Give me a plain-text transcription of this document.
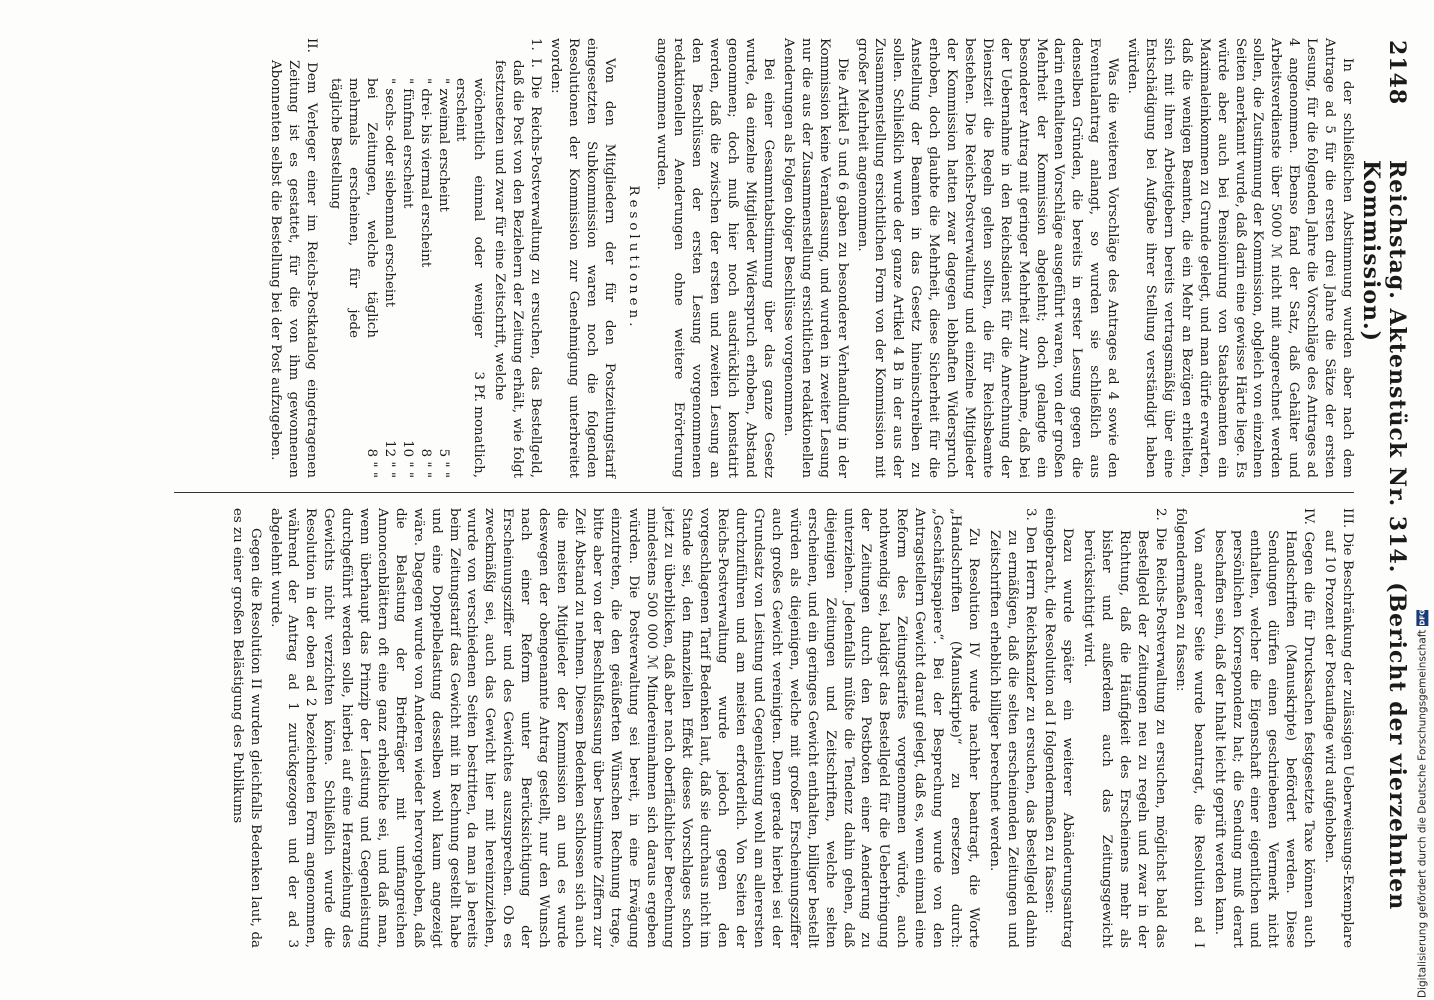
2148
Reichstag. Aktenstück Nr. 314. (Bericht der vierzehnten Kommission.)

In der schließlichen Abstimmung wurden aber nach dem Antrage ad 5 für die ersten drei Jahre die Sätze der ersten Lesung, für die folgenden Jahre die Vorschläge des Antrages ad 4 angenommen. Ebenso fand der Satz, daß Gehälter und Arbeitsverdienste über 5000 ℳ nicht mit angerechnet werden sollen, die Zustimmung der Kommission, obgleich von einzelnen Seiten anerkannt wurde, daß darin eine gewisse Härte liege. Es würde aber auch bei Pensionirung von Staatsbeamten ein Maximaleinkommen zu Grunde gelegt, und man dürfe erwarten, daß die wenigen Beamten, die ein Mehr an Bezügen erhielten, sich mit ihren Arbeitgebern bereits vertragsmäßig über eine Entschädigung bei Aufgabe ihrer Stellung verständigt haben würden.

Was die weiteren Vorschläge des Antrages ad 4 sowie den Eventualantrag anlangt, so wurden sie schließlich aus denselben Gründen, die bereits in erster Lesung gegen die darin enthaltenen Vorschläge ausgeführt waren, von der großen Mehrheit der Kommission abgelehnt; doch gelangte ein besonderer Antrag mit geringer Mehrheit zur Annahme, daß bei der Uebernahme in den Reichsdienst für die Anrechnung der Dienstzeit die Regeln gelten sollten, die für Reichsbeamte bestehen. Die Reichs-Postverwaltung und einzelne Mitglieder der Kommission hatten zwar dagegen lebhaften Widerspruch erhoben, doch glaubte die Mehrheit, diese Sicherheit für die Anstellung der Beamten in das Gesetz hineinschreiben zu sollen. Schließlich wurde der ganze Artikel 4 B in der aus der Zusammenstellung ersichtlichen Form von der Kommission mit großer Mehrheit angenommen.

Die Artikel 5 und 6 gaben zu besonderer Verhandlung in der Kommission keine Veranlassung, und wurden in zweiter Lesung nur die aus der Zusammenstellung ersichtlichen redaktionellen Aenderungen als Folgen obiger Beschlüsse vorgenommen.

Bei einer Gesammtabstimmung über das ganze Gesetz wurde, da einzelne Mitglieder Widerspruch erhoben, Abstand genommen; doch muß hier noch ausdrücklich konstatirt werden, daß die zwischen der ersten und zweiten Lesung an den Beschlüssen der ersten Lesung vorgenommenen redaktionellen Aenderungen ohne weitere Erörterung angenommen wurden.

Resolutionen.

Von den Mitgliedern der für den Postzeitungstarif eingesetzten Subkommission waren noch die folgenden Resolutionen der Kommission zur Genehmigung unterbreitet worden:

1. I. Die Reichs-Postverwaltung zu ersuchen, das Bestellgeld, daß die Post von den Beziehern der Zeitung erhält, wie folgt festzusetzen und zwar für eine Zeitschrift, welche

wöchentlich einmal oder weniger erscheint
3 Pf. monatlich,
" zweimal erscheint
5 " "
" drei- bis viermal erscheint
8 " "
" fünfmal erscheint
10 " "
" sechs- oder siebenmal erscheint
12 " "
bei Zeitungen, welche täglich mehrmals erscheinen, für jede tägliche Bestellung
8 " "

II. Dem Verleger einer im Reichs-Postkatalog eingetragenen Zeitung ist es gestattet, für die von ihm gewonnenen Abonnenten selbst die Bestellung bei der Post aufzugeben.

III. Die Beschränkung der zulässigen Ueberweisungs-Exemplare auf 10 Prozent der Postauflage wird aufgehoben.

IV. Gegen die für Drucksachen festgesetzte Taxe können auch Handschriften (Manuskripte) befördert werden. Diese Sendungen dürfen einen geschriebenen Vermerk nicht enthalten, welcher die Eigenschaft einer eigentlichen und persönlichen Korrespondenz hat; die Sendung muß derart beschaffen sein, daß der Inhalt leicht geprüft werden kann.

Von anderer Seite wurde beantragt, die Resolution ad I folgendermaßen zu fassen:

2. Die Reichs-Postverwaltung zu ersuchen, möglichst bald das Bestellgeld der Zeitungen neu zu regeln und zwar in der Richtung, daß die Häufigkeit des Erscheinens mehr als bisher und außerdem auch das Zeitungsgewicht berücksichtigt wird.

Dazu wurde später ein weiterer Abänderungsantrag eingebracht, die Resolution ad I folgendermaßen zu fassen:

3. Den Herrn Reichskanzler zu ersuchen, das Bestellgeld dahin zu ermäßigen, daß die selten erscheinenden Zeitungen und Zeitschriften erheblich billiger berechnet werden.

Zu Resolution IV wurde nachher beantragt, die Worte „Handschriften (Manuskripte)“ zu ersetzen durch: „Geschäftspapiere“. Bei der Besprechung wurde von den Antragstellern Gewicht darauf gelegt, daß es, wenn einmal eine Reform des Zeitungstarifes vorgenommen würde, auch nothwendig sei, baldigst das Bestellgeld für die Ueberbringung der Zeitungen durch den Postboten einer Aenderung zu unterziehen. Jedenfalls müßte die Tendenz dahin gehen, daß diejenigen Zeitungen und Zeitschriften, welche selten erscheinen, und ein geringes Gewicht enthalten, billiger bestellt würden als diejenigen, welche mit großer Erscheinungsziffer auch großes Gewicht vereinigten. Denn gerade hierbei sei der Grundsatz von Leistung und Gegenleistung wohl am allerersten durchzuführen und am meisten erforderlich. Von Seiten der Reichs-Postverwaltung wurde jedoch gegen den vorgeschlagenen Tarif Bedenken laut, daß sie durchaus nicht im Stande sei, den finanziellen Effekt dieses Vorschlages schon jetzt zu überblicken, daß aber nach oberflächlicher Berechnung mindestens 500 000 ℳ Mindereinnahmen sich daraus ergeben würden. Die Postverwaltung sei bereit, in eine Erwägung einzutreten, die den geäußerten Wünschen Rechnung trage, bitte aber von der Beschlußfassung über bestimmte Ziffern zur Zeit Abstand zu nehmen. Diesem Bedenken schlossen sich auch die meisten Mitglieder der Kommission an und es wurde deswegen der obengenannte Antrag gestellt, nur den Wunsch nach einer Reform unter Berücksichtigung der Erscheinungsziffer und des Gewichtes auszusprechen. Ob es zweckmäßig sei, auch das Gewicht hier mit hereinzuziehen, wurde von verschiedenen Seiten bestritten, da man ja bereits beim Zeitungstarif das Gewicht mit in Rechnung gestellt habe und eine Doppelbelastung desselben wohl kaum angezeigt wäre. Dagegen wurde von Anderen wieder hervorgehoben, daß die Belastung der Briefträger mit umfangreichen Annoncenblättern oft eine ganz erhebliche sei, und daß man, wenn überhaupt das Prinzip der Leistung und Gegenleistung durchgeführt werden solle, hierbei auf eine Heranziehung des Gewichts nicht verzichten könne. Schließlich wurde die Resolution in der oben ad 2 bezeichneten Form angenommen, während der Antrag ad 1 zurückgezogen und der ad 3 abgelehnt wurde.

Gegen die Resolution II wurden gleichfalls Bedenken laut, da es zu einer großen Belästigung des Publikums	Digitalisierung gefördert durch die Deutsche Forschungsgemeinschaft
DFG
